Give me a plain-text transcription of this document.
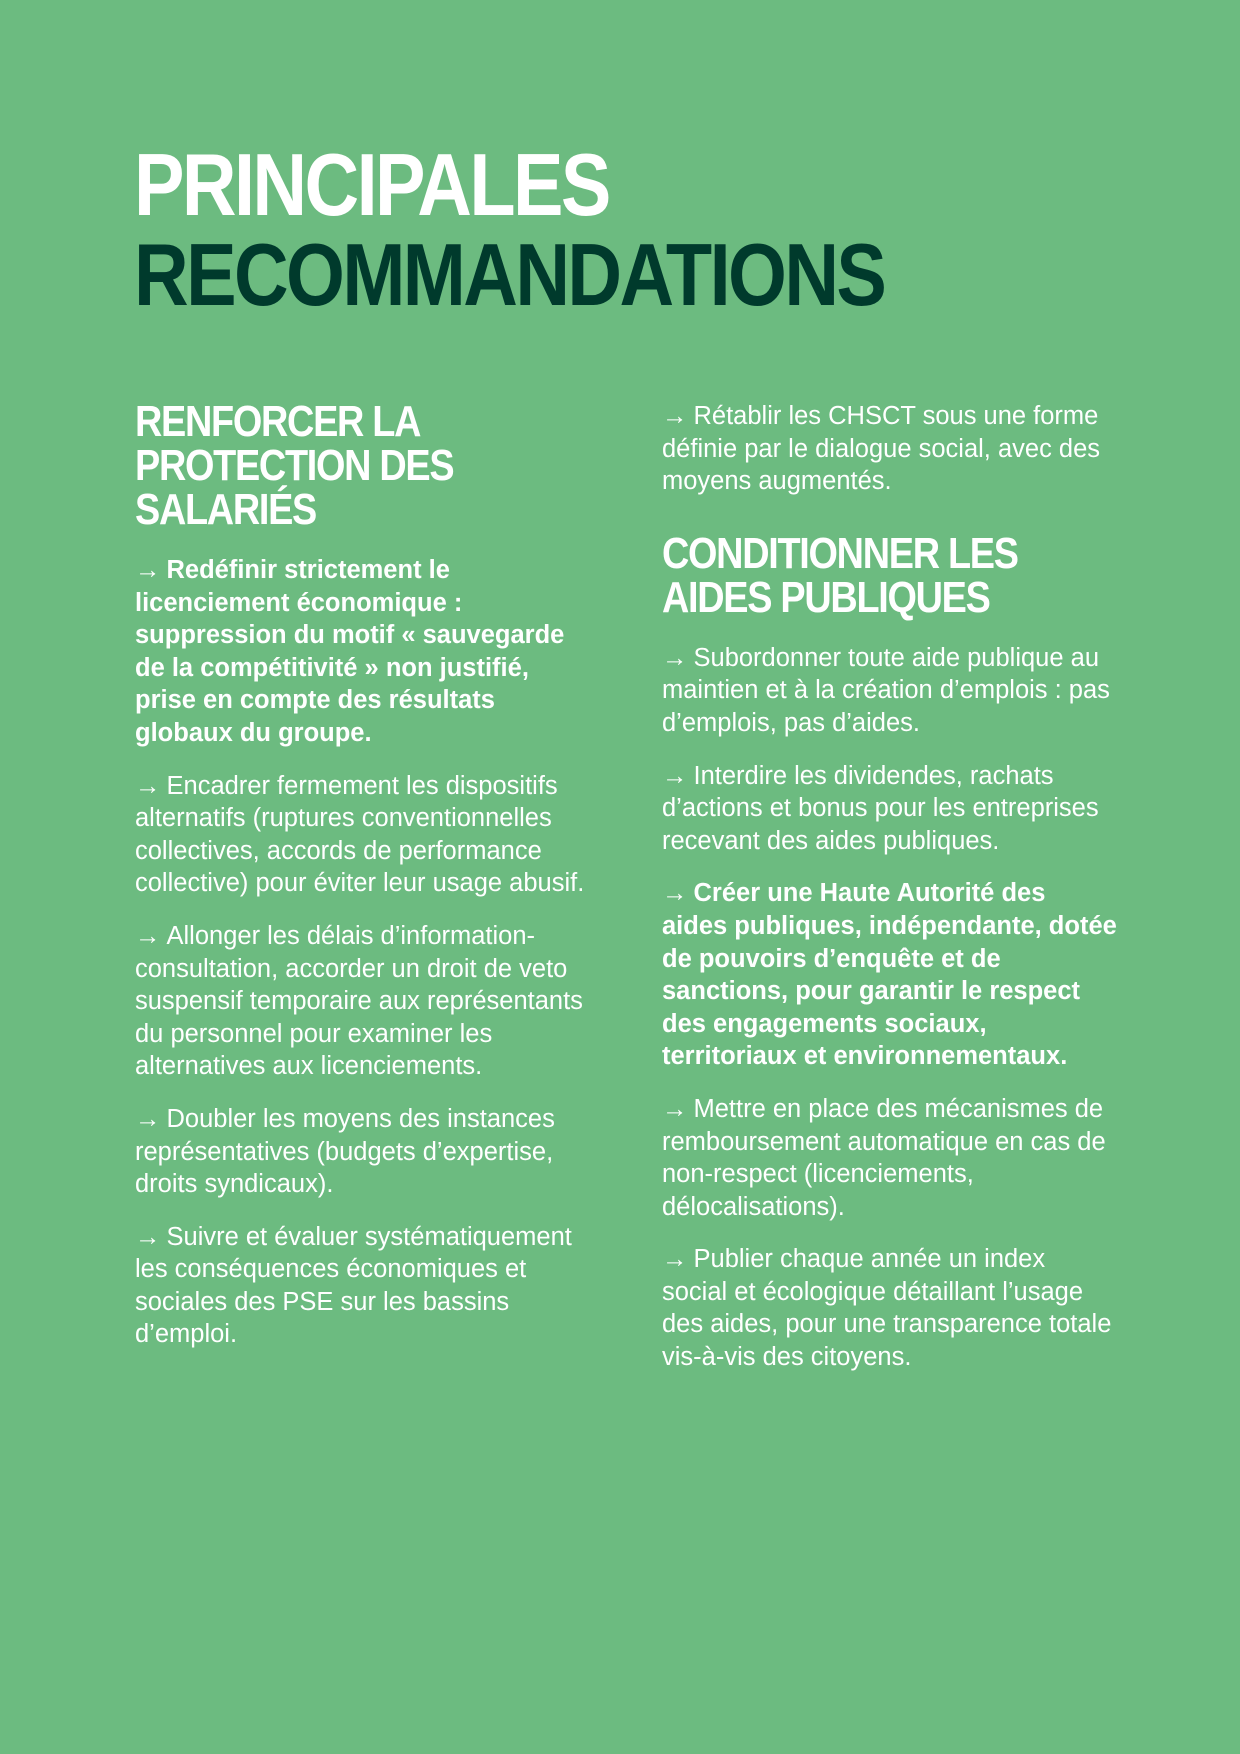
PRINCIPALES
RECOMMANDATIONS
RENFORCER LA PROTECTION DES SALARIÉS

→ Redéfinir strictement le licenciement économique : suppression du motif « sauvegarde de la compétitivité » non justifié, prise en compte des résultats globaux du groupe.

→ Encadrer fermement les dispositifs alternatifs (ruptures conventionnelles collectives, accords de performance collective) pour éviter leur usage abusif.

→ Allonger les délais d’information-consultation, accorder un droit de veto suspensif temporaire aux représentants du personnel pour examiner les alternatives aux licenciements.

→ Doubler les moyens des instances représentatives (budgets d’expertise, droits syndicaux).

→ Suivre et évaluer systématiquement les conséquences économiques et sociales des PSE sur les bassins d’emploi.

→ Rétablir les CHSCT sous une forme définie par le dialogue social, avec des moyens augmentés.

CONDITIONNER LES AIDES PUBLIQUES

→ Subordonner toute aide publique au maintien et à la création d’emplois : pas d’emplois, pas d’aides.

→ Interdire les dividendes, rachats d’actions et bonus pour les entreprises recevant des aides publiques.

→ Créer une Haute Autorité des aides publiques, indépendante, dotée de pouvoirs d’enquête et de sanctions, pour garantir le respect des engagements sociaux, territoriaux et environnementaux.

→ Mettre en place des mécanismes de remboursement automatique en cas de non-respect (licenciements, délocalisations).

→ Publier chaque année un index social et écologique détaillant l’usage des aides, pour une transparence totale vis-à-vis des citoyens.
